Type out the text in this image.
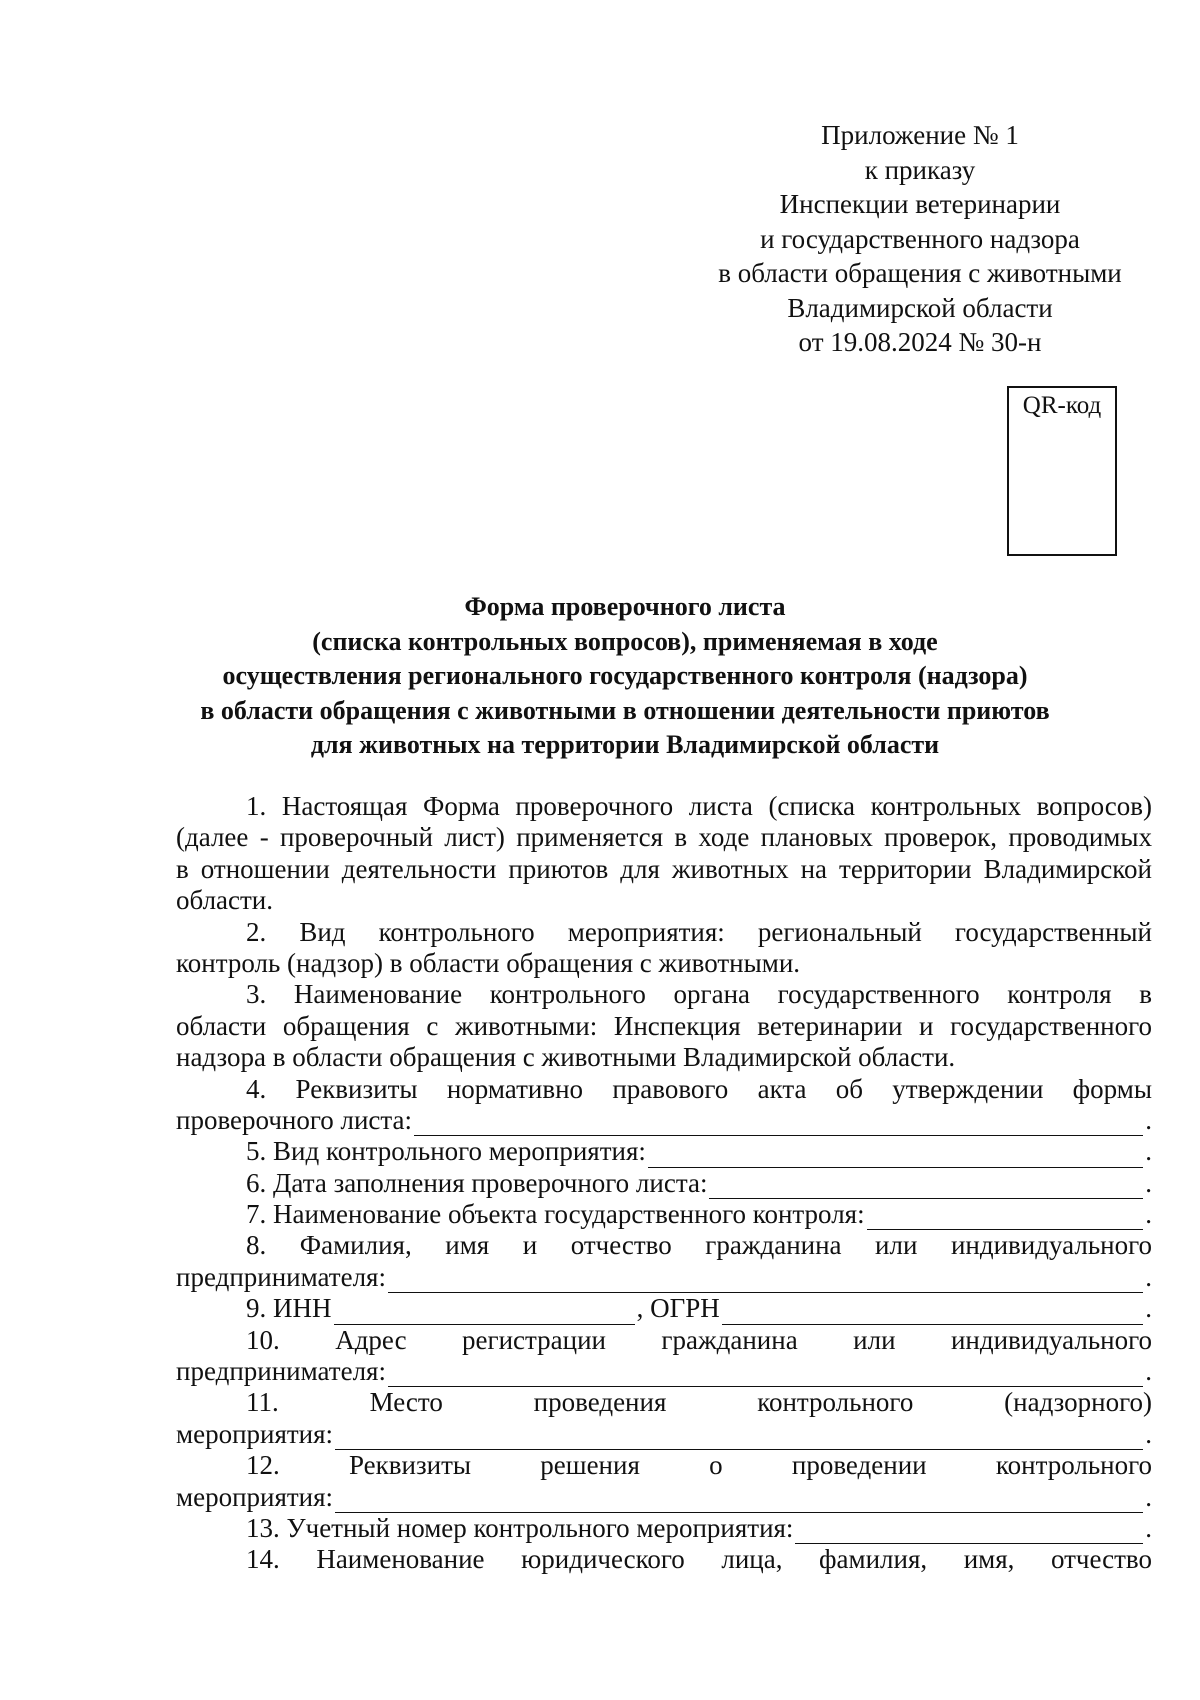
Приложение № 1
к приказу
Инспекции ветеринарии
и государственного надзора
в области обращения с животными
Владимирской области
от 19.08.2024 № 30-н
QR-код
Форма проверочного листа
(списка контрольных вопросов), применяемая в ходе
осуществления регионального государственного контроля (надзора)
в области обращения с животными в отношении деятельности приютов
для животных на территории Владимирской области
1. Настоящая Форма проверочного листа (списка контрольных вопросов)
(далее - проверочный лист) применяется в ходе плановых проверок, проводимых
в отношении деятельности приютов для животных на территории Владимирской
области.
2. Вид контрольного мероприятия: региональный государственный
контроль (надзор) в области обращения с животными.
3. Наименование контрольного органа государственного контроля в
области обращения с животными: Инспекция ветеринарии и государственного
надзора в области обращения с животными Владимирской области.
4. Реквизиты нормативно правового акта об утверждении формы
проверочного листа:	.
5. Вид контрольного мероприятия:	.
6. Дата заполнения проверочного листа:	.
7. Наименование объекта государственного контроля:	.
8. Фамилия, имя и отчество гражданина или индивидуального
предпринимателя:	.
9. ИНН	, ОГРН	.
10. Адрес регистрации гражданина или индивидуального
предпринимателя:	.
11. Место проведения контрольного (надзорного)
мероприятия:	.
12. Реквизиты решения о проведении контрольного
мероприятия:	.
13. Учетный номер контрольного мероприятия:	.
14. Наименование юридического лица, фамилия, имя, отчество
